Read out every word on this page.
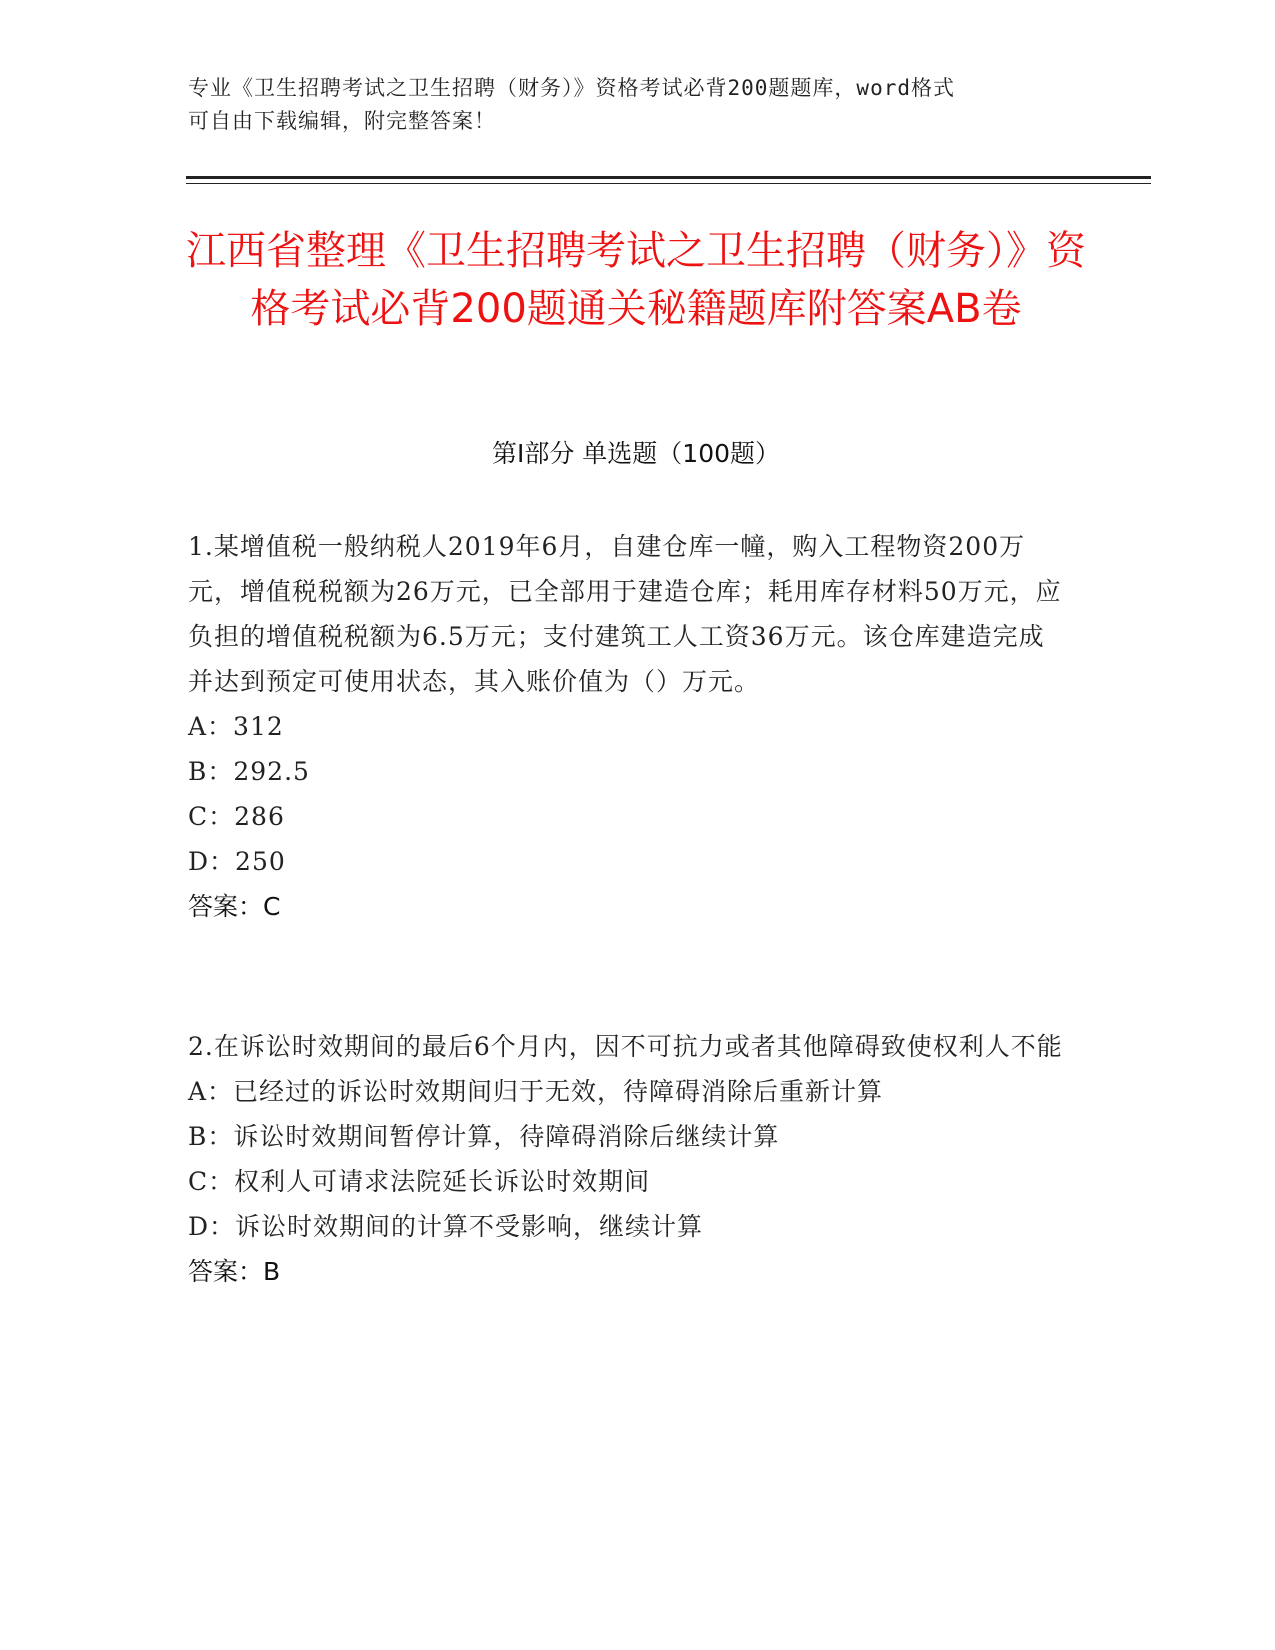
专业《卫生招聘考试之卫生招聘（财务）》资格考试必背200题题库，word格式
可自由下载编辑，附完整答案！
江西省整理《卫生招聘考试之卫生招聘（财务）》资格考试必背200题通关秘籍题库附答案AB卷
第Ⅰ部分 单选题（100题）

1.某增值税一般纳税人2019年6月，自建仓库一幢，购入工程物资200万元，增值税税额为26万元，已全部用于建造仓库；耗用库存材料50万元，应负担的增值税税额为6.5万元；支付建筑工人工资36万元。该仓库建造完成并达到预定可使用状态，其入账价值为（）万元。

A：312

B：292.5

C：286

D：250

答案：C

2.在诉讼时效期间的最后6个月内，因不可抗力或者其他障碍致使权利人不能

A：已经过的诉讼时效期间归于无效，待障碍消除后重新计算

B：诉讼时效期间暂停计算，待障碍消除后继续计算

C：权利人可请求法院延长诉讼时效期间

D：诉讼时效期间的计算不受影响，继续计算

答案：B
